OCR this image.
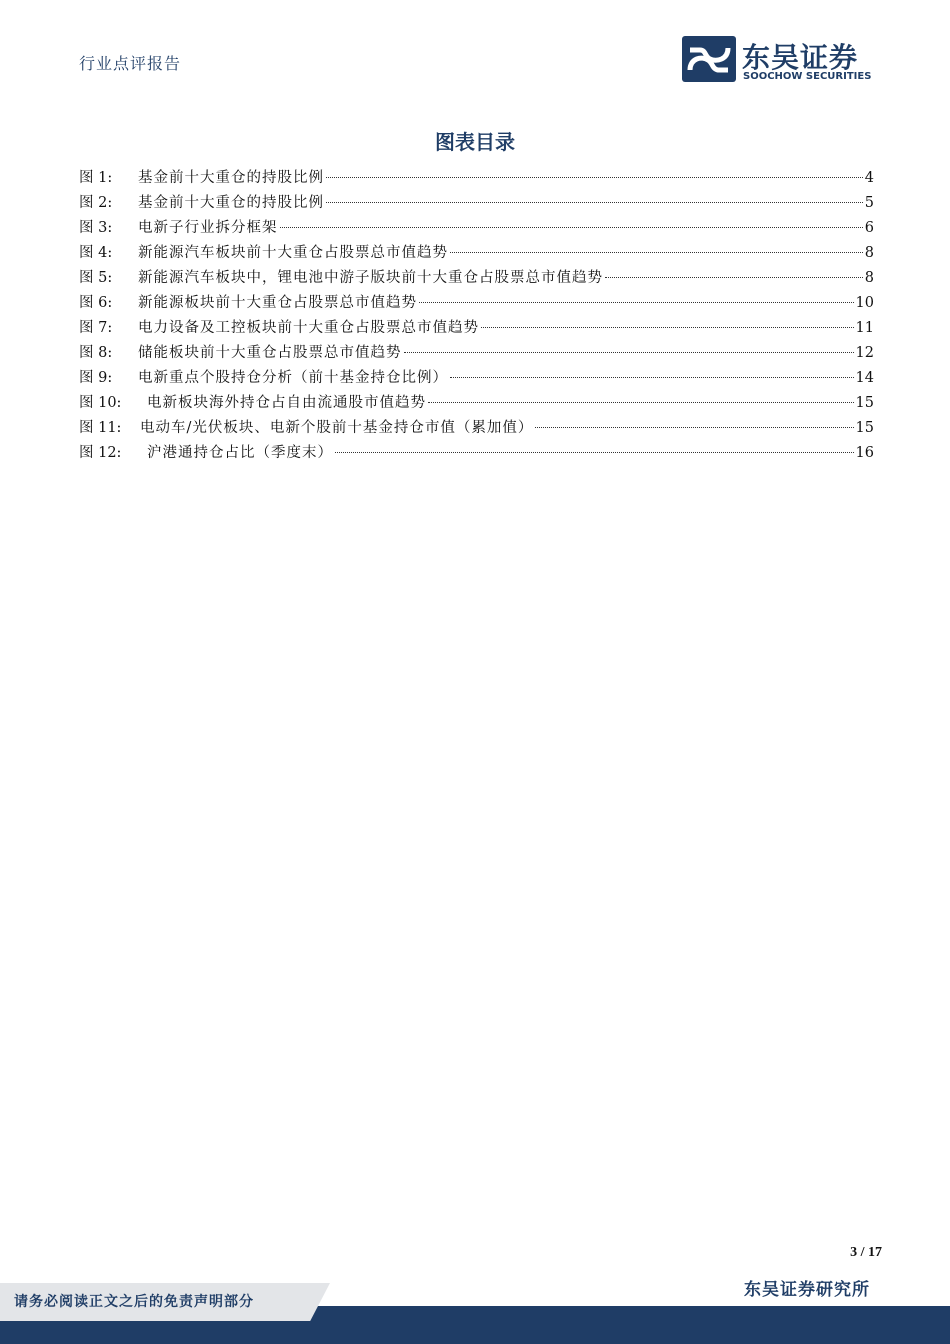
行业点评报告	东吴证券
SOOCHOW SECURITIES
图表目录
图 1:	基金前十大重仓的持股比例	4
图 2:	基金前十大重仓的持股比例	5
图 3:	电新子行业拆分框架	6
图 4:	新能源汽车板块前十大重仓占股票总市值趋势	8
图 5:	新能源汽车板块中，锂电池中游子版块前十大重仓占股票总市值趋势	8
图 6:	新能源板块前十大重仓占股票总市值趋势	10
图 7:	电力设备及工控板块前十大重仓占股票总市值趋势	11
图 8:	储能板块前十大重仓占股票总市值趋势	12
图 9:	电新重点个股持仓分析（前十基金持仓比例）	14
图 10:	电新板块海外持仓占自由流通股市值趋势	15
图 11:	电动车/光伏板块、电新个股前十基金持仓市值（累加值）	15
图 12:	沪港通持仓占比（季度末）	16
3 / 17
东吴证券研究所
请务必阅读正文之后的免责声明部分
